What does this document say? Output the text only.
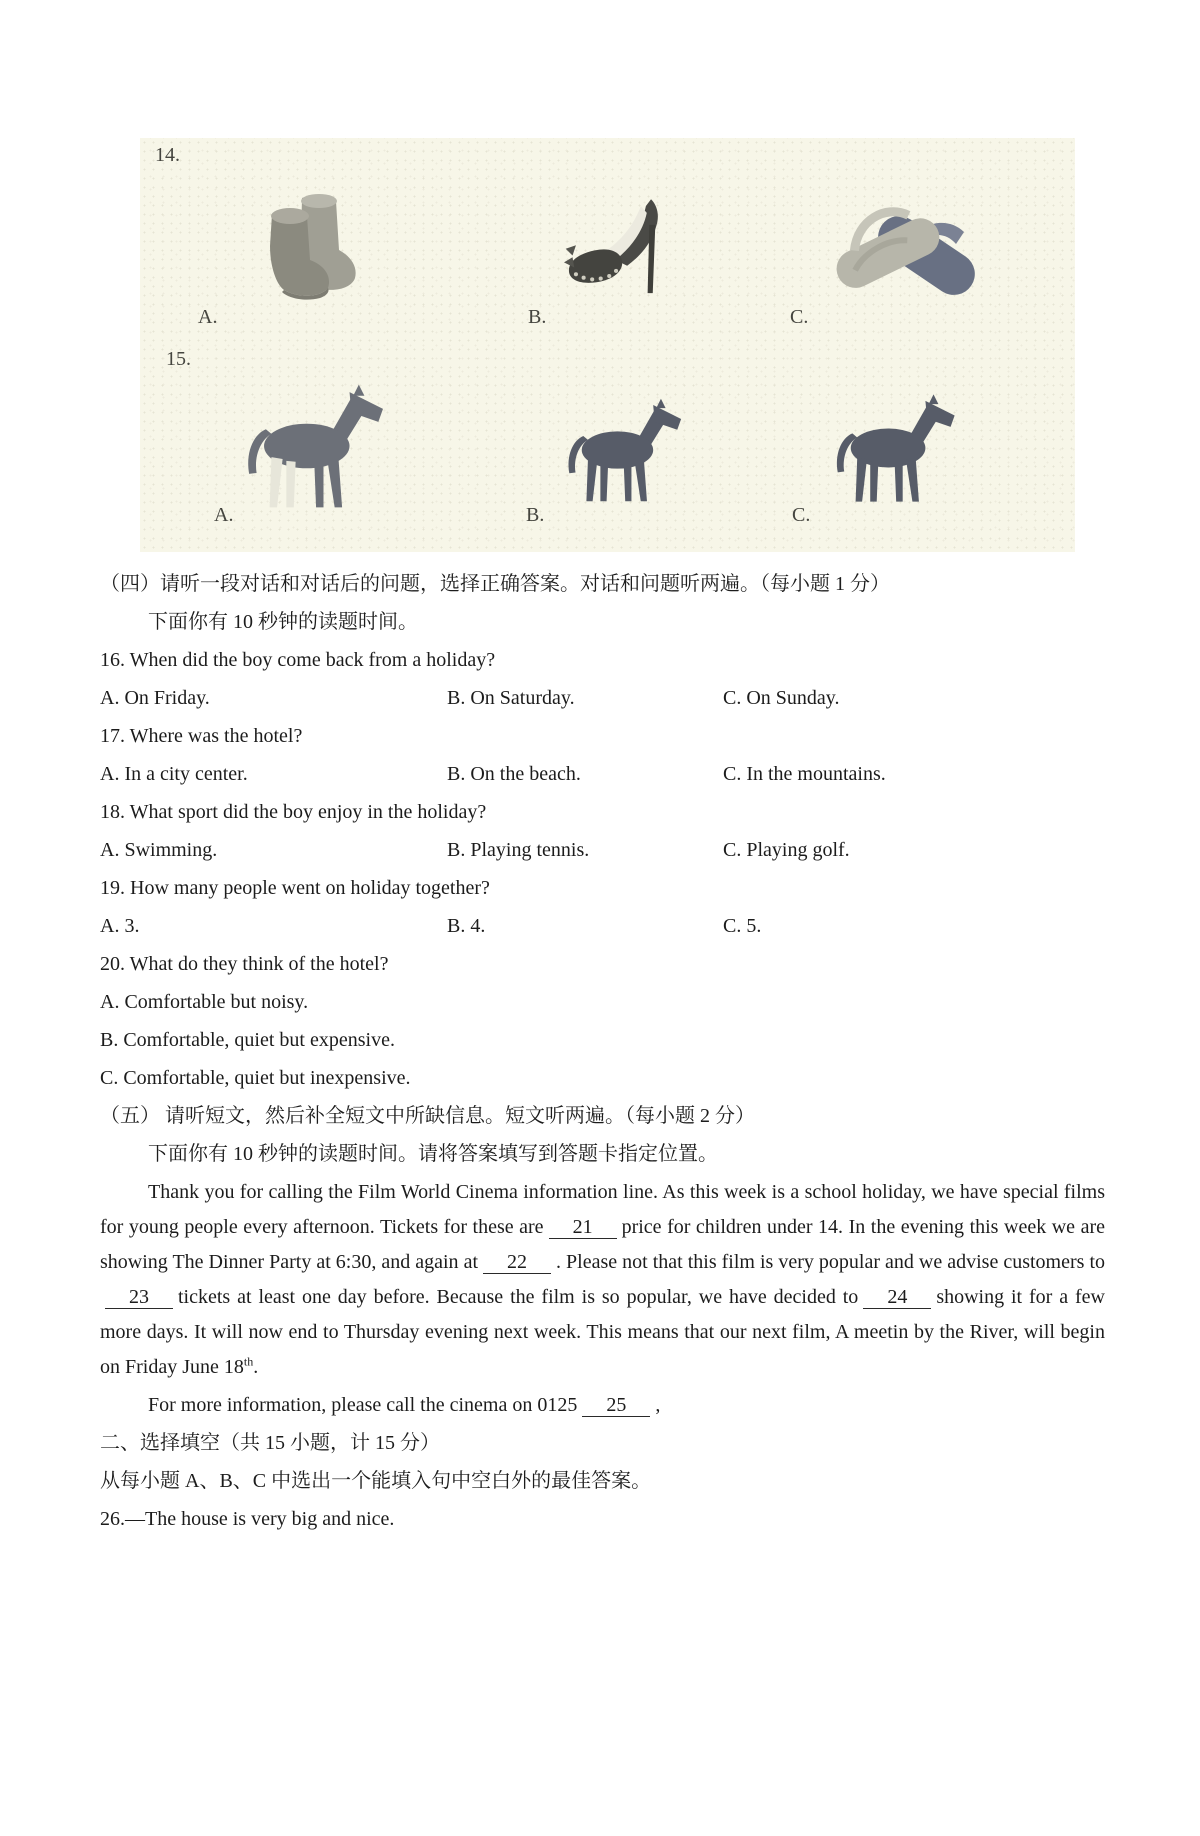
14.
A.	B.	C.
15.
A.	B.	C.

（四）请听一段对话和对话后的问题，选择正确答案。对话和问题听两遍。（每小题 1 分）

下面你有 10 秒钟的读题时间。

16. When did the boy come back from a holiday?

A. On Friday.	B. On Saturday.	C. On Sunday.

17. Where was the hotel?

A. In a city center.	B. On the beach.	C. In the mountains.

18. What sport did the boy enjoy in the holiday?

A. Swimming.	B. Playing tennis.	C. Playing golf.

19. How many people went on holiday together?

A. 3.	B. 4.	C. 5.

20. What do they think of the hotel?

A. Comfortable but noisy.

B. Comfortable, quiet but expensive.

C. Comfortable, quiet but inexpensive.

（五） 请听短文，然后补全短文中所缺信息。短文听两遍。（每小题 2 分）

下面你有 10 秒钟的读题时间。请将答案填写到答题卡指定位置。

Thank you for calling the Film World Cinema information line. As this week is a school holiday, we have special films for young people every afternoon. Tickets for these are 21 price for children under 14. In the evening this week we are showing The Dinner Party at 6:30, and again at 22 . Please not that this film is very popular and we advise customers to23 tickets at least one day before. Because the film is so popular, we have decided to 24 showing it for a few more days. It will now end to Thursday evening next week. This means that our next film, A meetin by the River, will begin on Friday June 18th.

For more information, please call the cinema on 0125 25 ,

二、选择填空（共 15 小题，计 15 分）

从每小题 A、B、C 中选出一个能填入句中空白外的最佳答案。

26.—The house is very big and nice.
